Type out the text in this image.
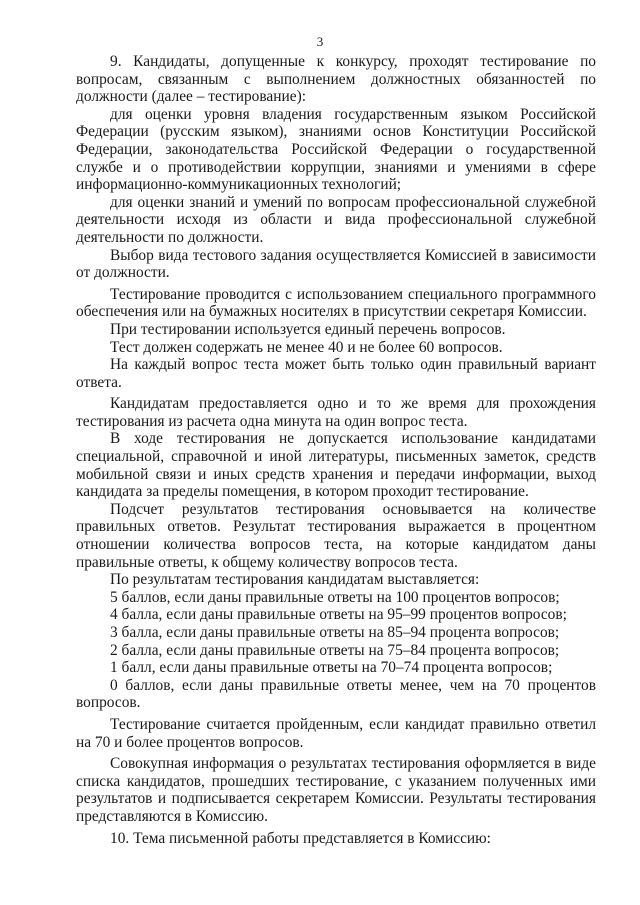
3

9. Кандидаты, допущенные к конкурсу, проходят тестирование по вопросам, связанным с выполнением должностных обязанностей по должности (далее – тестирование):

для оценки уровня владения государственным языком Российской Федерации (русским языком), знаниями основ Конституции Российской Федерации, законодательства Российской Федерации о государственной службе и о противодействии коррупции, знаниями и умениями в сфере информационно-коммуникационных технологий;

для оценки знаний и умений по вопросам профессиональной служебной деятельности исходя из области и вида профессиональной служебной деятельности по должности.

Выбор вида тестового задания осуществляется Комиссией в зависимости от должности.

Тестирование проводится с использованием специального программного обеспечения или на бумажных носителях в присутствии секретаря Комиссии.

При тестировании используется единый перечень вопросов.

Тест должен содержать не менее 40 и не более 60 вопросов.

На каждый вопрос теста может быть только один правильный вариант ответа.

Кандидатам предоставляется одно и то же время для прохождения тестирования из расчета одна минута на один вопрос теста.

В ходе тестирования не допускается использование кандидатами специальной, справочной и иной литературы, письменных заметок, средств мобильной связи и иных средств хранения и передачи информации, выход кандидата за пределы помещения, в котором проходит тестирование.

Подсчет результатов тестирования основывается на количестве правильных ответов. Результат тестирования выражается в процентном отношении количества вопросов теста, на которые кандидатом даны правильные ответы, к общему количеству вопросов теста.

По результатам тестирования кандидатам выставляется:

5 баллов, если даны правильные ответы на 100 процентов вопросов;

4 балла, если даны правильные ответы на 95–99 процентов вопросов;

3 балла, если даны правильные ответы на 85–94 процента вопросов;

2 балла, если даны правильные ответы на 75–84 процента вопросов;

1 балл, если даны правильные ответы на 70–74 процента вопросов;

0 баллов, если даны правильные ответы менее, чем на 70 процентов вопросов.

Тестирование считается пройденным, если кандидат правильно ответил на 70 и более процентов вопросов.

Совокупная информация о результатах тестирования оформляется в виде списка кандидатов, прошедших тестирование, с указанием полученных ими результатов и подписывается секретарем Комиссии. Результаты тестирования представляются в Комиссию.

10. Тема письменной работы представляется в Комиссию:
